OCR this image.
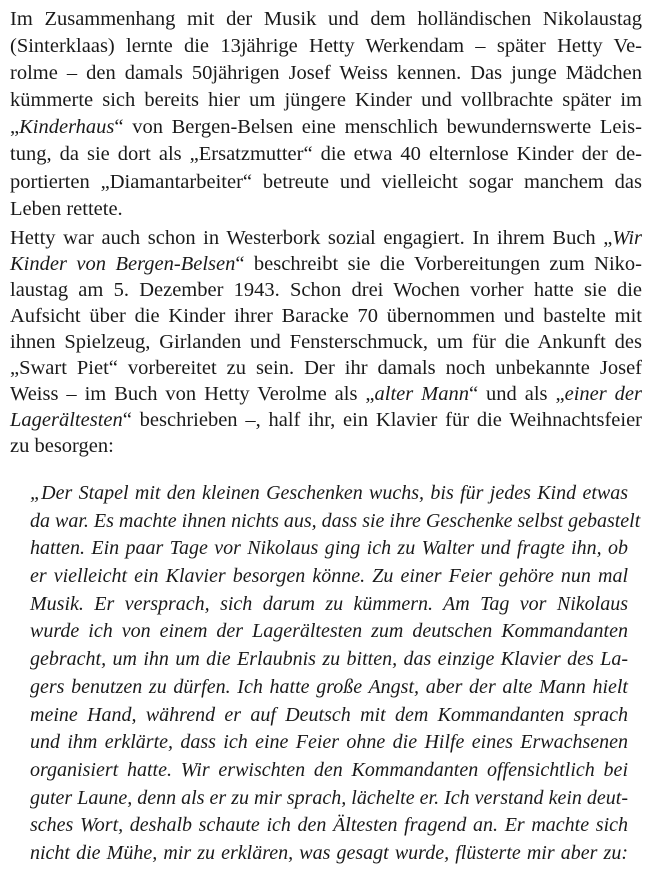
Im Zusammenhang mit der Musik und dem holländischen Nikolaustag
(Sinterklaas) lernte die 13jährige Hetty Werkendam – später Hetty Ve-
rolme – den damals 50jährigen Josef Weiss kennen. Das junge Mädchen
kümmerte sich bereits hier um jüngere Kinder und vollbrachte später im
„Kinderhaus“ von Bergen-Belsen eine menschlich bewundernswerte Leis-
tung, da sie dort als „Ersatzmutter“ die etwa 40 elternlose Kinder der de-
portierten „Diamantarbeiter“ betreute und vielleicht sogar manchem das
Leben rettete.
Hetty war auch schon in Westerbork sozial engagiert. In ihrem Buch „Wir
Kinder von Bergen-Belsen“ beschreibt sie die Vorbereitungen zum Niko-
laustag am 5. Dezember 1943. Schon drei Wochen vorher hatte sie die
Aufsicht über die Kinder ihrer Baracke 70 übernommen und bastelte mit
ihnen Spielzeug, Girlanden und Fensterschmuck, um für die Ankunft des
„Swart Piet“ vorbereitet zu sein. Der ihr damals noch unbekannte Josef
Weiss – im Buch von Hetty Verolme als „alter Mann“ und als „einer der
Lagerältesten“ beschrieben –, half ihr, ein Klavier für die Weihnachtsfeier
zu besorgen:
„Der Stapel mit den kleinen Geschenken wuchs, bis für jedes Kind etwas
da war. Es machte ihnen nichts aus, dass sie ihre Geschenke selbst gebastelt
hatten. Ein paar Tage vor Nikolaus ging ich zu Walter und fragte ihn, ob
er vielleicht ein Klavier besorgen könne. Zu einer Feier gehöre nun mal
Musik. Er versprach, sich darum zu kümmern. Am Tag vor Nikolaus
wurde ich von einem der Lagerältesten zum deutschen Kommandanten
gebracht, um ihn um die Erlaubnis zu bitten, das einzige Klavier des La-
gers benutzen zu dürfen. Ich hatte große Angst, aber der alte Mann hielt
meine Hand, während er auf Deutsch mit dem Kommandanten sprach
und ihm erklärte, dass ich eine Feier ohne die Hilfe eines Erwachsenen
organisiert hatte. Wir erwischten den Kommandanten offensichtlich bei
guter Laune, denn als er zu mir sprach, lächelte er. Ich verstand kein deut-
sches Wort, deshalb schaute ich den Ältesten fragend an. Er machte sich
nicht die Mühe, mir zu erklären, was gesagt wurde, flüsterte mir aber zu:
